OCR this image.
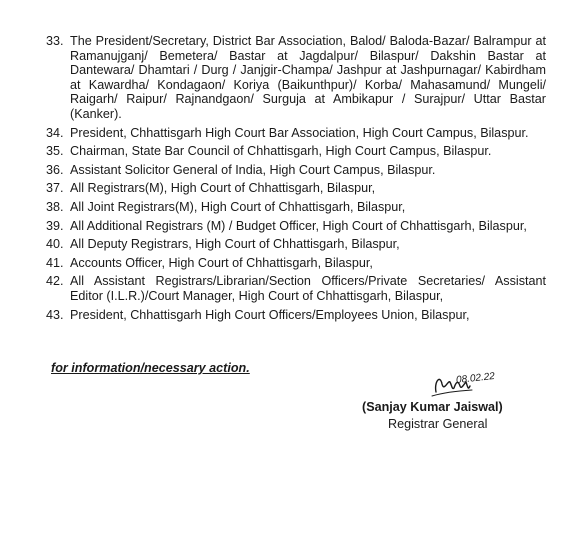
33. The President/Secretary, District Bar Association, Balod/ Baloda-Bazar/ Balrampur at Ramanujganj/ Bemetera/ Bastar at Jagdalpur/ Bilaspur/ Dakshin Bastar at Dantewara/ Dhamtari / Durg / Janjgir-Champa/ Jashpur at Jashpurnagar/ Kabirdham at Kawardha/ Kondagaon/ Koriya (Baikunthpur)/ Korba/ Mahasamund/ Mungeli/ Raigarh/ Raipur/ Rajnandgaon/ Surguja at Ambikapur / Surajpur/ Uttar Bastar (Kanker).
34. President, Chhattisgarh High Court Bar Association, High Court Campus, Bilaspur.
35. Chairman, State Bar Council of Chhattisgarh, High Court Campus, Bilaspur.
36. Assistant Solicitor General of India, High Court Campus, Bilaspur.
37. All Registrars(M), High Court of Chhattisgarh, Bilaspur,
38. All Joint Registrars(M), High Court of Chhattisgarh, Bilaspur,
39. All Additional Registrars (M) / Budget Officer, High Court of Chhattisgarh, Bilaspur,
40. All Deputy Registrars, High Court of Chhattisgarh, Bilaspur,
41. Accounts Officer, High Court of Chhattisgarh, Bilaspur,
42. All Assistant Registrars/Librarian/Section Officers/Private Secretaries/ Assistant Editor (I.L.R.)/Court Manager, High Court of Chhattisgarh, Bilaspur,
43. President, Chhattisgarh High Court Officers/Employees Union, Bilaspur,
for information/necessary action.
08.02.22
(Sanjay Kumar Jaiswal)
Registrar General
